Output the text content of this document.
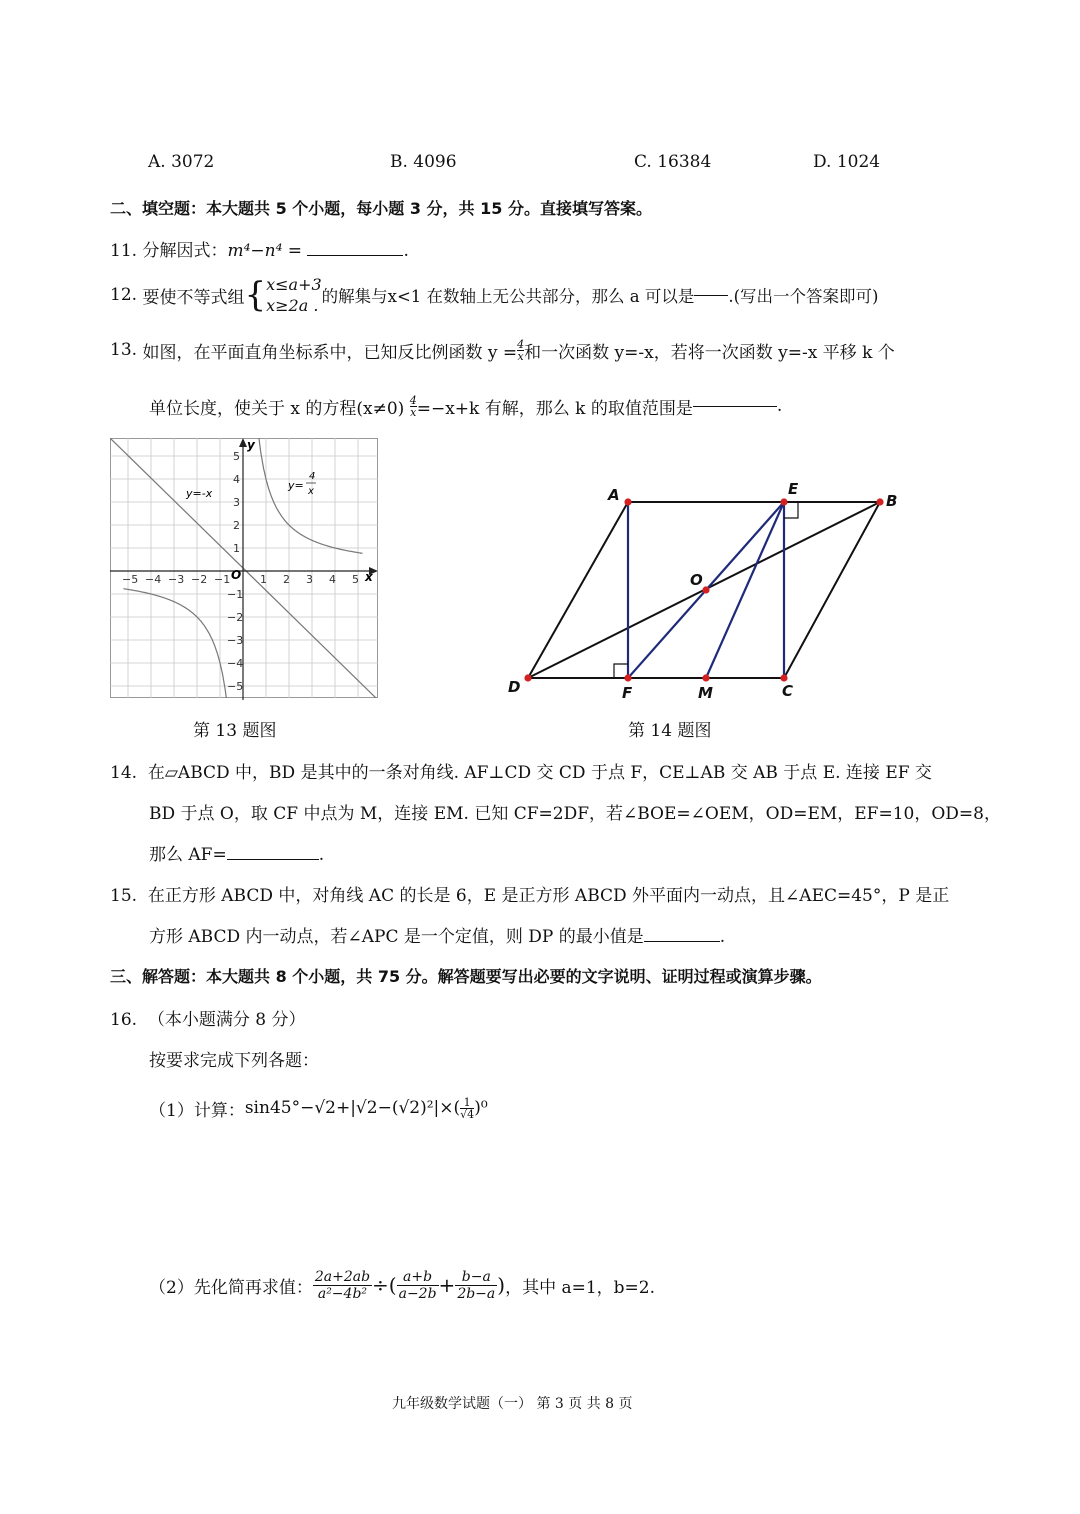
A. 3072	B. 4096	C. 16384	D. 1024
二、填空题：本大题共 5 个小题，每小题 3 分，共 15 分。直接填写答案。
11. 分解因式：m⁴−n⁴ =	.
12.
要使不等式组 { x≤a+3
x≥2a . 的解集与x<1 在数轴上无公共部分，那么 a 可以是 .(写出一个答案即可)
13.
如图，在平面直角坐标系中，已知反比例函数 $y = \frac{4}{x}$ 和一次函数 y=-x，若将一次函数 y=-x 平移 k 个
单位长度，使关于 x 的方程(x≠0)
$\frac{4}{x} =-x+k$ 有解，那么 k 的取值范围是	.
−5 −4 −3 −2 −1	1 2 3 4 5
5
4
3
2
1
−1
−2
−3
−4
−5
O	x
y
y=-x
y=
4
x
第 13 题图
A	E
B
O
D	F	M	C
第 14 题图
14. 在▱ABCD 中，BD 是其中的一条对角线. AF⊥CD 交 CD 于点 F，CE⊥AB 交 AB 于点 E. 连接 EF 交
BD 于点 O，取 CF 中点为 M，连接 EM. 已知 CF=2DF，若∠BOE=∠OEM，OD=EM，EF=10，OD=8，
那么 AF=	.
15. 在正方形 ABCD 中，对角线 AC 的长是 6，E 是正方形 ABCD 外平面内一动点，且∠AEC=45°，P 是正
方形 ABCD 内一动点，若∠APC 是一个定值，则 DP 的最小值是	.
三、解答题：本大题共 8 个小题，共 75 分。解答题要写出必要的文字说明、证明过程或演算步骤。
16. （本小题满分 8 分）
按要求完成下列各题：
（1）计算： sin45°−√2+|√2−(√2)²|×( 1
√4 )⁰
（2）先化简再求值： $\frac{2a+2ab}{\text{a²−4b²}}$ ÷( $\frac{a+b}{a-2b} + \frac{b-a}{2b-a}$ ) ，其中 a=1，b=2.
九年级数学试题（一） 第 3 页 共 8 页
